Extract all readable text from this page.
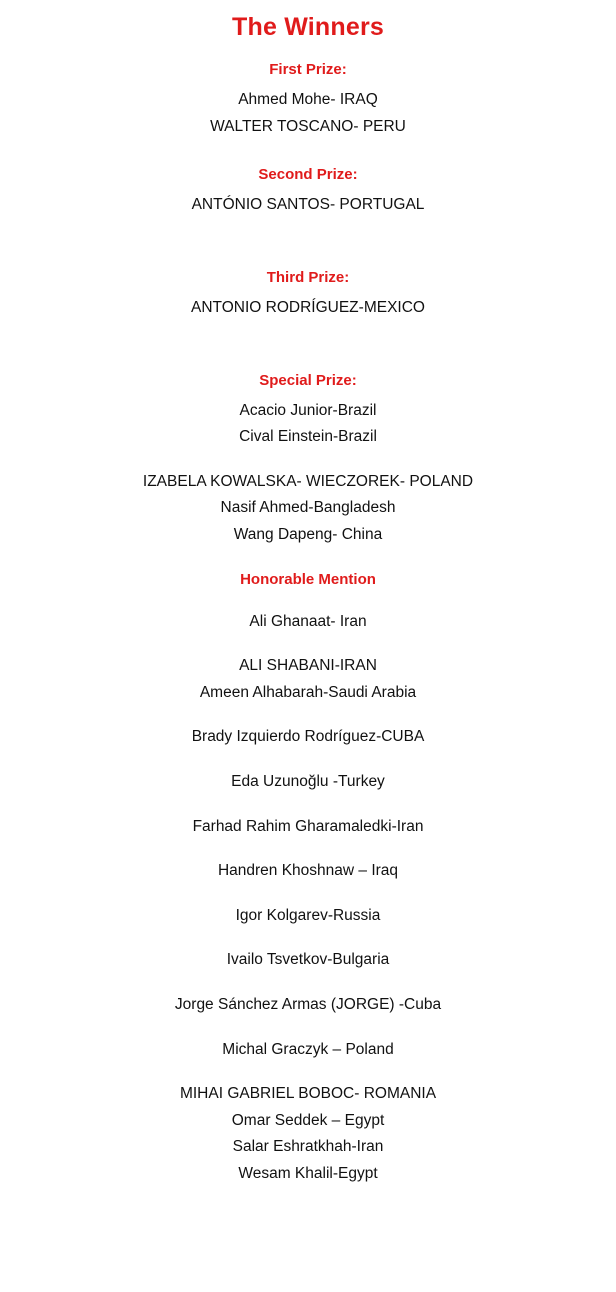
The Winners
First Prize:
Ahmed Mohe- IRAQ
WALTER TOSCANO- PERU
Second Prize:
ANTÓNIO SANTOS- PORTUGAL
Third Prize:
ANTONIO RODRÍGUEZ-MEXICO
Special Prize:
Acacio Junior-Brazil
Cival Einstein-Brazil
IZABELA KOWALSKA- WIECZOREK- POLAND
Nasif Ahmed-Bangladesh
Wang Dapeng- China
Honorable Mention
Ali Ghanaat- Iran
ALI SHABANI-IRAN
Ameen Alhabarah-Saudi Arabia
Brady Izquierdo Rodríguez-CUBA
Eda Uzunoğlu -Turkey
Farhad Rahim Gharamaledki-Iran
Handren Khoshnaw – Iraq
Igor Kolgarev-Russia
Ivailo Tsvetkov-Bulgaria
Jorge Sánchez Armas (JORGE) -Cuba
Michal Graczyk – Poland
MIHAI GABRIEL BOBOC- ROMANIA
Omar Seddek – Egypt
Salar Eshratkhah-Iran
Wesam Khalil-Egypt
